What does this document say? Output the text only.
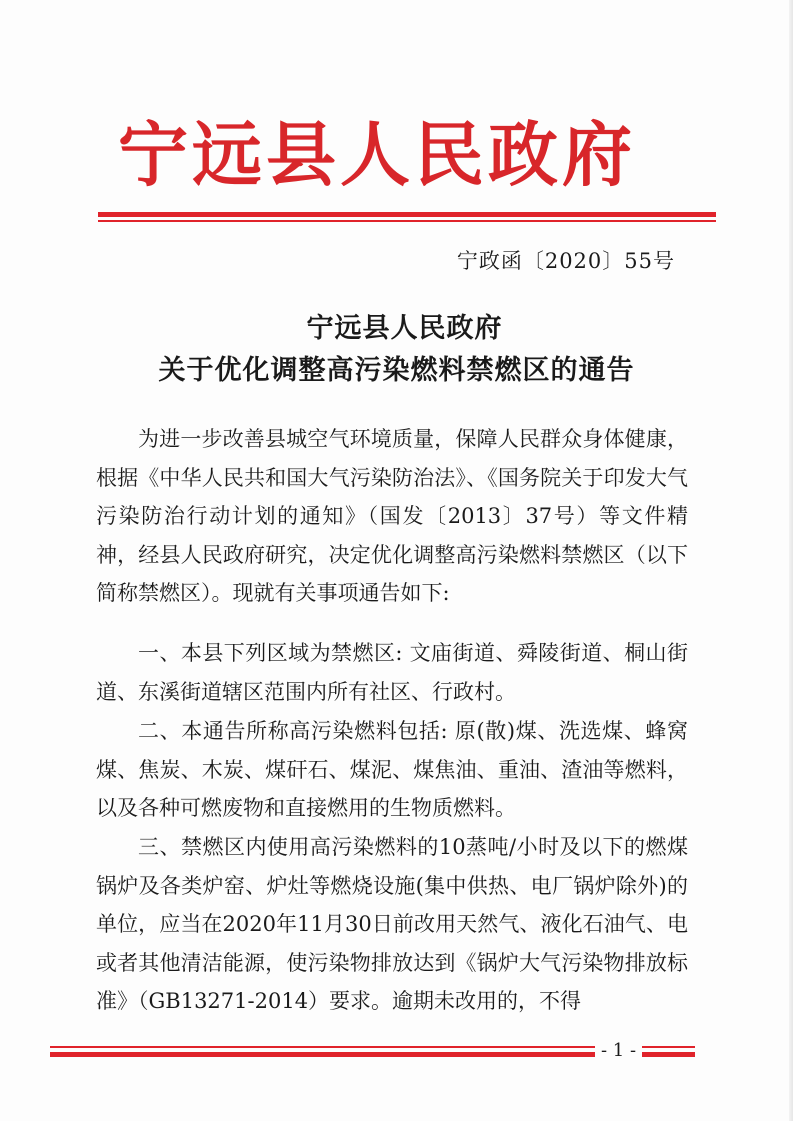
宁远县人民政府
宁政函〔2020〕55号
宁远县人民政府
关于优化调整高污染燃料禁燃区的通告
为进一步改善县城空气环境质量，保障人民群众身体健康，根据《中华人民共和国大气污染防治法》、《国务院关于印发大气污染防治行动计划的通知》（国发〔2013〕37号）等文件精神，经县人民政府研究，决定优化调整高污染燃料禁燃区（以下简称禁燃区）。现就有关事项通告如下:
一、本县下列区域为禁燃区: 文庙街道、舜陵街道、桐山街道、东溪街道辖区范围内所有社区、行政村。
二、本通告所称高污染燃料包括: 原(散)煤、洗选煤、蜂窝煤、焦炭、木炭、煤矸石、煤泥、煤焦油、重油、渣油等燃料，以及各种可燃废物和直接燃用的生物质燃料。
三、禁燃区内使用高污染燃料的10蒸吨/小时及以下的燃煤锅炉及各类炉窑、炉灶等燃烧设施(集中供热、电厂锅炉除外)的单位，应当在2020年11月30日前改用天然气、液化石油气、电或者其他清洁能源，使污染物排放达到《锅炉大气污染物排放标准》（GB13271-2014）要求。逾期未改用的，不得
- 1 -
